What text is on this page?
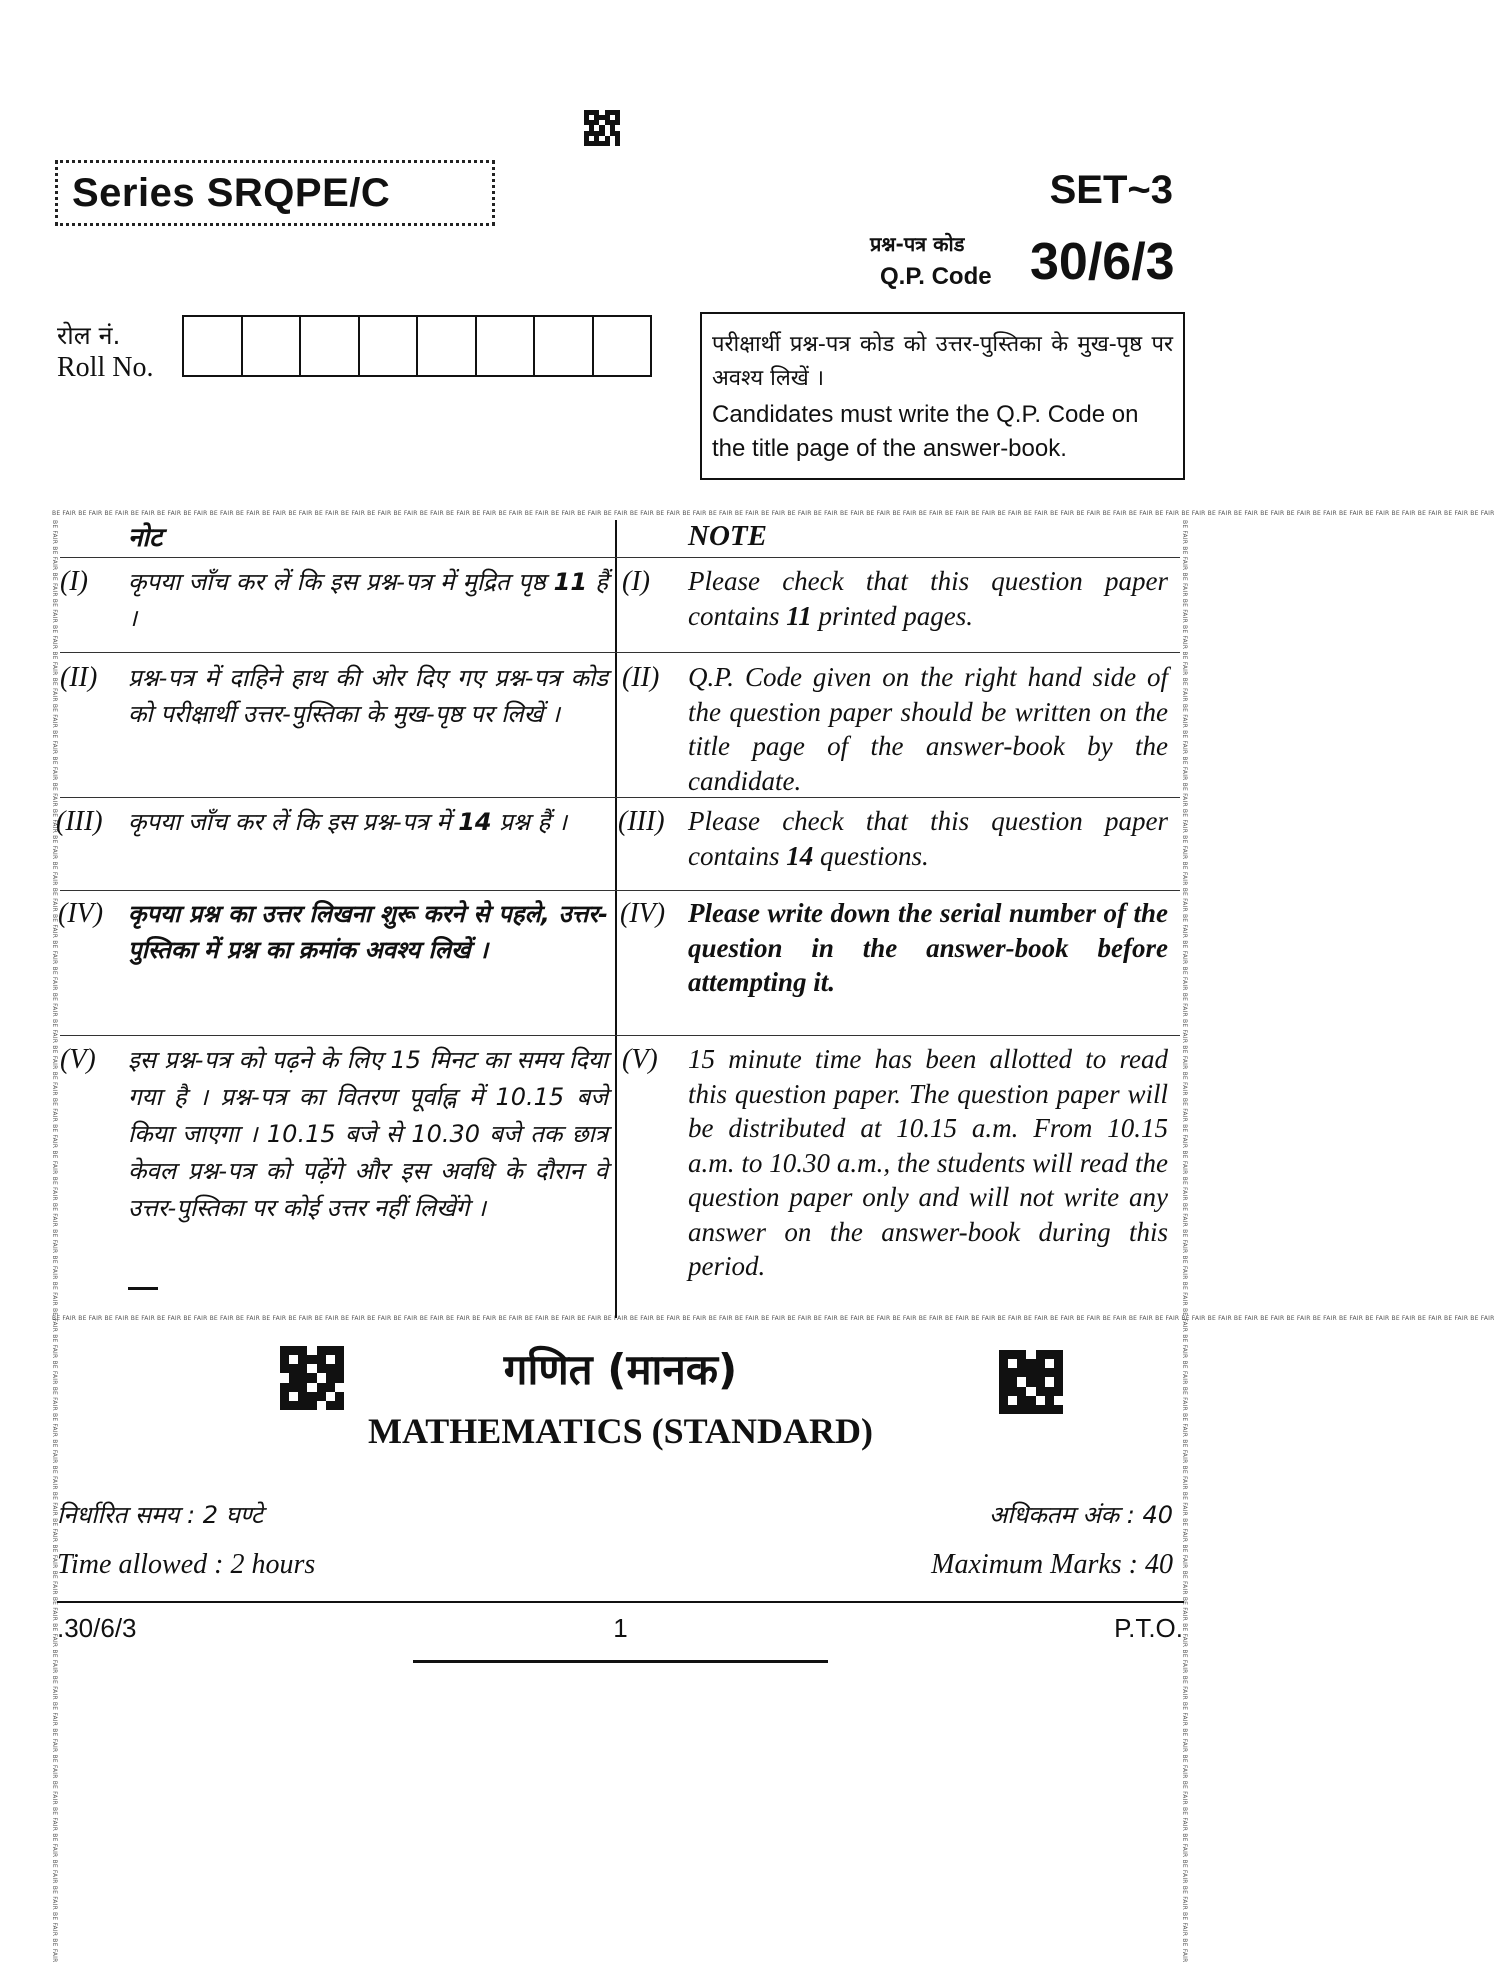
Series SRQPE/C	SET~3
प्रश्न-पत्र कोड
Q.P. Code 30/6/3
रोल नं.
Roll No.
परीक्षार्थी प्रश्न-पत्र कोड को उत्तर-पुस्तिका के मुख-पृष्ठ पर अवश्य लिखें ।
Candidates must write the Q.P. Code on the title page of the answer-book.
BE FAIR BE FAIR BE FAIR BE FAIR BE FAIR BE FAIR BE FAIR BE FAIR BE FAIR BE FAIR BE FAIR BE FAIR BE FAIR BE FAIR BE FAIR BE FAIR BE FAIR BE FAIR BE FAIR BE FAIR BE FAIR BE FAIR BE FAIR BE FAIR BE FAIR BE FAIR BE FAIR BE FAIR BE FAIR BE FAIR BE FAIR BE FAIR BE FAIR BE FAIR BE FAIR BE FAIR BE FAIR BE FAIR BE FAIR BE FAIR BE FAIR BE FAIR BE FAIR BE FAIR BE FAIR BE FAIR BE FAIR BE FAIR BE FAIR BE FAIR BE FAIR BE FAIR BE FAIR BE FAIR BE FAIR
BE FAIR BE FAIR BE FAIR BE FAIR BE FAIR BE FAIR BE FAIR BE FAIR BE FAIR BE FAIR BE FAIR BE FAIR BE FAIR BE FAIR BE FAIR BE FAIR BE FAIR BE FAIR BE FAIR BE FAIR BE FAIR BE FAIR BE FAIR BE FAIR BE FAIR BE FAIR BE FAIR BE FAIR BE FAIR BE FAIR BE FAIR BE FAIR BE FAIR BE FAIR BE FAIR BE FAIR BE FAIR BE FAIR BE FAIR BE FAIR BE FAIR BE FAIR BE FAIR BE FAIR BE FAIR BE FAIR BE FAIR BE FAIR BE FAIR BE FAIR BE FAIR BE FAIR BE FAIR BE FAIR BE FAIR
BE FAIR BE FAIR BE FAIR BE FAIR BE FAIR BE FAIR BE FAIR BE FAIR BE FAIR BE FAIR BE FAIR BE FAIR BE FAIR BE FAIR BE FAIR BE FAIR BE FAIR BE FAIR BE FAIR BE FAIR BE FAIR BE FAIR BE FAIR BE FAIR BE FAIR BE FAIR BE FAIR BE FAIR BE FAIR BE FAIR BE FAIR BE FAIR BE FAIR BE FAIR BE FAIR BE FAIR BE FAIR BE FAIR BE FAIR BE FAIR BE FAIR BE FAIR BE FAIR BE FAIR BE FAIR BE FAIR BE FAIR BE FAIR BE FAIR BE FAIR BE FAIR BE FAIR BE FAIR BE FAIR BE FAIR	BE FAIR BE FAIR BE FAIR BE FAIR BE FAIR BE FAIR BE FAIR BE FAIR BE FAIR BE FAIR BE FAIR BE FAIR BE FAIR BE FAIR BE FAIR BE FAIR BE FAIR BE FAIR BE FAIR BE FAIR BE FAIR BE FAIR BE FAIR BE FAIR BE FAIR BE FAIR BE FAIR BE FAIR BE FAIR BE FAIR BE FAIR BE FAIR BE FAIR BE FAIR BE FAIR BE FAIR BE FAIR BE FAIR BE FAIR BE FAIR BE FAIR BE FAIR BE FAIR BE FAIR BE FAIR BE FAIR BE FAIR BE FAIR BE FAIR BE FAIR BE FAIR BE FAIR BE FAIR BE FAIR BE FAIR
नोट	NOTE
(I) कृपया जाँच कर लें कि इस प्रश्न-पत्र में मुद्रित पृष्ठ 11 हैं ।
(I) Please check that this question paper contains 11 printed pages.
(II) प्रश्न-पत्र में दाहिने हाथ की ओर दिए गए प्रश्न-पत्र कोड को परीक्षार्थी उत्तर-पुस्तिका के मुख-पृष्ठ पर लिखें ।
(II) Q.P. Code given on the right hand side of the question paper should be written on the title page of the answer-book by the candidate.
(III) कृपया जाँच कर लें कि इस प्रश्न-पत्र में 14 प्रश्न हैं ।	(III) Please check that this question paper contains 14 questions.
(IV) कृपया प्रश्न का उत्तर लिखना शुरू करने से पहले, उत्तर-पुस्तिका में प्रश्न का क्रमांक अवश्य लिखें ।
(IV) Please write down the serial number of the question in the answer-book before attempting it.
(V) इस प्रश्न-पत्र को पढ़ने के लिए 15 मिनट का समय दिया गया है । प्रश्न-पत्र का वितरण पूर्वाह्न में 10.15 बजे किया जाएगा । 10.15 बजे से 10.30 बजे तक छात्र केवल प्रश्न-पत्र को पढ़ेंगे और इस अवधि के दौरान वे उत्तर-पुस्तिका पर कोई उत्तर नहीं लिखेंगे ।
(V) 15 minute time has been allotted to read this question paper. The question paper will be distributed at 10.15 a.m. From 10.15 a.m. to 10.30 a.m., the students will read the question paper only and will not write any answer on the answer-book during this period.
गणित (मानक)
MATHEMATICS (STANDARD)
निर्धारित समय : 2 घण्टे	अधिकतम अंक : 40
Time allowed : 2 hours	Maximum Marks : 40
.30/6/3	1	P.T.O.
